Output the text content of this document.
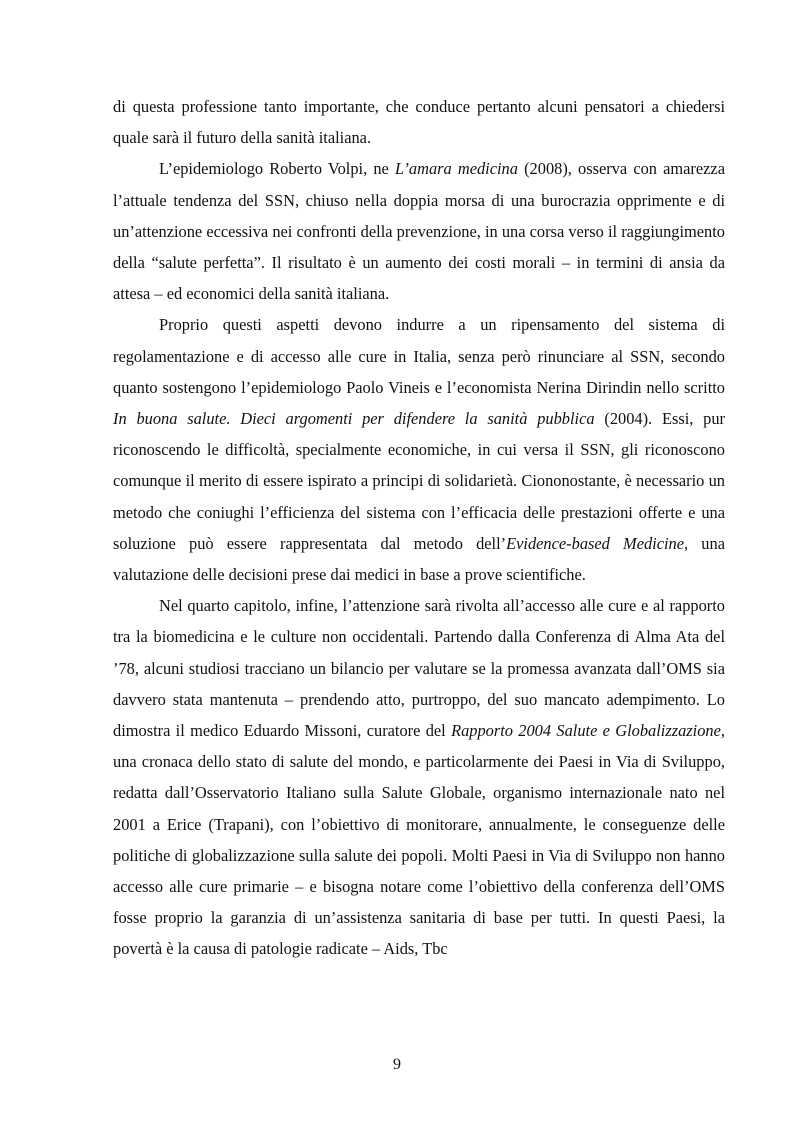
di questa professione tanto importante, che conduce pertanto alcuni pensatori a chiedersi quale sarà il futuro della sanità italiana.

L’epidemiologo Roberto Volpi, ne L’amara medicina (2008), osserva con amarezza l’attuale tendenza del SSN, chiuso nella doppia morsa di una burocrazia opprimente e di un’attenzione eccessiva nei confronti della prevenzione, in una corsa verso il raggiungimento della “salute perfetta”. Il risultato è un aumento dei costi morali – in termini di ansia da attesa – ed economici della sanità italiana.

Proprio questi aspetti devono indurre a un ripensamento del sistema di regolamentazione e di accesso alle cure in Italia, senza però rinunciare al SSN, secondo quanto sostengono l’epidemiologo Paolo Vineis e l’economista Nerina Dirindin nello scritto In buona salute. Dieci argomenti per difendere la sanità pubblica (2004). Essi, pur riconoscendo le difficoltà, specialmente economiche, in cui versa il SSN, gli riconoscono comunque il merito di essere ispirato a principi di solidarietà. Ciononostante, è necessario un metodo che coniughi l’efficienza del sistema con l’efficacia delle prestazioni offerte e una soluzione può essere rappresentata dal metodo dell’Evidence-based Medicine, una valutazione delle decisioni prese dai medici in base a prove scientifiche.

Nel quarto capitolo, infine, l’attenzione sarà rivolta all’accesso alle cure e al rapporto tra la biomedicina e le culture non occidentali. Partendo dalla Conferenza di Alma Ata del ’78, alcuni studiosi tracciano un bilancio per valutare se la promessa avanzata dall’OMS sia davvero stata mantenuta – prendendo atto, purtroppo, del suo mancato adempimento. Lo dimostra il medico Eduardo Missoni, curatore del Rapporto 2004 Salute e Globalizzazione, una cronaca dello stato di salute del mondo, e particolarmente dei Paesi in Via di Sviluppo, redatta dall’Osservatorio Italiano sulla Salute Globale, organismo internazionale nato nel 2001 a Erice (Trapani), con l’obiettivo di monitorare, annualmente, le conseguenze delle politiche di globalizzazione sulla salute dei popoli. Molti Paesi in Via di Sviluppo non hanno accesso alle cure primarie – e bisogna notare come l’obiettivo della conferenza dell’OMS fosse proprio la garanzia di un’assistenza sanitaria di base per tutti. In questi Paesi, la povertà è la causa di patologie radicate – Aids, Tbc

9
